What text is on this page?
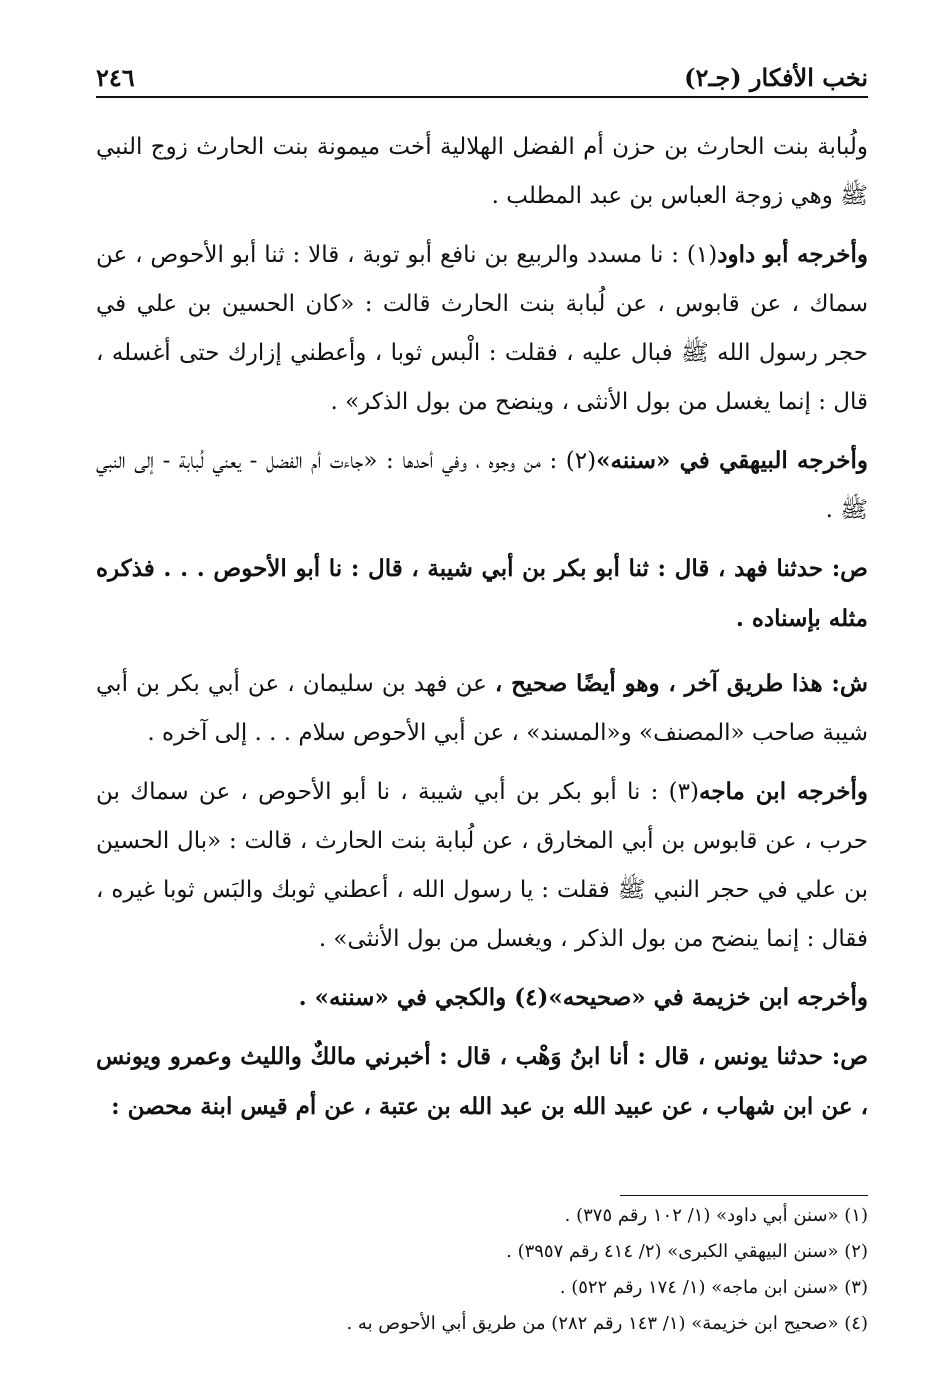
٢٤٦	نخب الأفكار (جـ٢)

ولُبابة بنت الحارث بن حزن أم الفضل الهلالية أخت ميمونة بنت الحارث زوج النبي ﷺ وهي زوجة العباس بن عبد المطلب .

وأخرجه أبو داود(١) : نا مسدد والربيع بن نافع أبو توبة ، قالا : ثنا أبو الأحوص ، عن سماك ، عن قابوس ، عن لُبابة بنت الحارث قالت : «كان الحسين بن علي في حجر رسول الله ﷺ فبال عليه ، فقلت : الْبس ثوبا ، وأعطني إزارك حتى أغسله ، قال : إنما يغسل من بول الأنثى ، وينضح من بول الذكر» .

وأخرجه البيهقي في «سننه»(٢) : من وجوه ، وفي أحدها : «جاءت أم الفضل - يعني لُبابة - إلى النبي ﷺ .

ص: حدثنا فهد ، قال : ثنا أبو بكر بن أبي شيبة ، قال : نا أبو الأحوص . . . فذكره مثله بإسناده .

ش: هذا طريق آخر ، وهو أيضًا صحيح ، عن فهد بن سليمان ، عن أبي بكر بن أبي شيبة صاحب «المصنف» و«المسند» ، عن أبي الأحوص سلام . . . إلى آخره .

وأخرجه ابن ماجه(٣) : نا أبو بكر بن أبي شيبة ، نا أبو الأحوص ، عن سماك بن حرب ، عن قابوس بن أبي المخارق ، عن لُبابة بنت الحارث ، قالت : «بال الحسين بن علي في حجر النبي ﷺ فقلت : يا رسول الله ، أعطني ثوبك والبَس ثوبا غيره ، فقال : إنما ينضح من بول الذكر ، ويغسل من بول الأنثى» .

وأخرجه ابن خزيمة في «صحيحه»(٤) والكجي في «سننه» .

ص: حدثنا يونس ، قال : أنا ابنُ وَهْب ، قال : أخبرني مالكٌ والليث وعمرو ويونس ، عن ابن شهاب ، عن عبيد الله بن عبد الله بن عتبة ، عن أم قيس ابنة محصن :

(١) «سنن أبي داود» (١/ ١٠٢ رقم ٣٧٥) .

(٢) «سنن البيهقي الكبرى» (٢/ ٤١٤ رقم ٣٩٥٧) .

(٣) «سنن ابن ماجه» (١/ ١٧٤ رقم ٥٢٢) .

(٤) «صحيح ابن خزيمة» (١/ ١٤٣ رقم ٢٨٢) من طريق أبي الأحوص به .
